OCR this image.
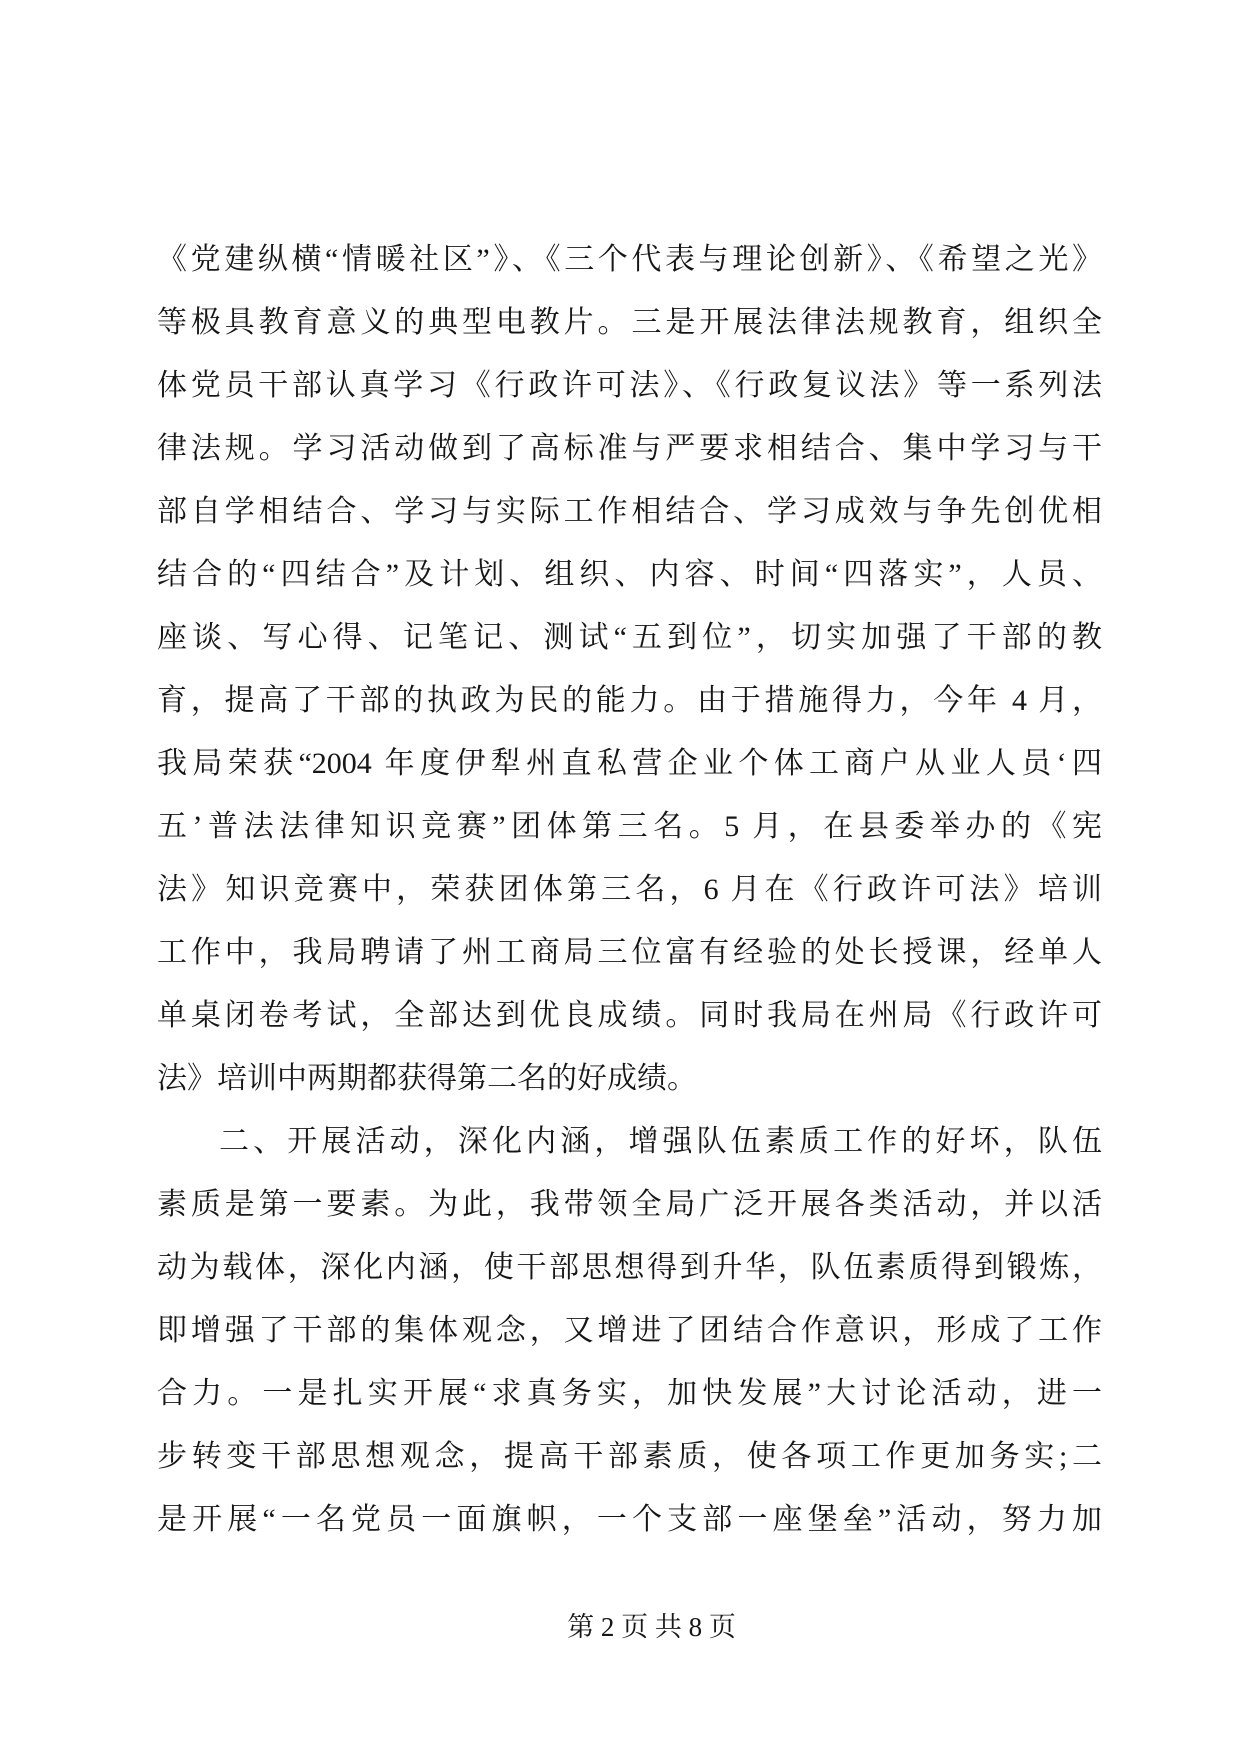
《党建纵横“情暖社区”》、《三个代表与理论创新》、《希望之光》
等极具教育意义的典型电教片。三是开展法律法规教育，组织全
体党员干部认真学习《行政许可法》、《行政复议法》等一系列法
律法规。学习活动做到了高标准与严要求相结合、集中学习与干
部自学相结合、学习与实际工作相结合、学习成效与争先创优相
结合的“四结合”及计划、组织、内容、时间“四落实”，人员、
座谈、写心得、记笔记、测试“五到位”，切实加强了干部的教
育，提高了干部的执政为民的能力。由于措施得力，今年 4 月，
我局荣获“2004 年度伊犁州直私营企业个体工商户从业人员‘四
五’普法法律知识竞赛”团体第三名。5 月，在县委举办的《宪
法》知识竞赛中，荣获团体第三名，6 月在《行政许可法》培训
工作中，我局聘请了州工商局三位富有经验的处长授课，经单人
单桌闭卷考试，全部达到优良成绩。同时我局在州局《行政许可
法》培训中两期都获得第二名的好成绩。
二、开展活动，深化内涵，增强队伍素质工作的好坏，队伍
素质是第一要素。为此，我带领全局广泛开展各类活动，并以活
动为载体，深化内涵，使干部思想得到升华，队伍素质得到锻炼，
即增强了干部的集体观念，又增进了团结合作意识，形成了工作
合力。一是扎实开展“求真务实，加快发展”大讨论活动，进一
步转变干部思想观念，提高干部素质，使各项工作更加务实;二
是开展“一名党员一面旗帜，一个支部一座堡垒”活动，努力加
第 2 页 共 8 页
